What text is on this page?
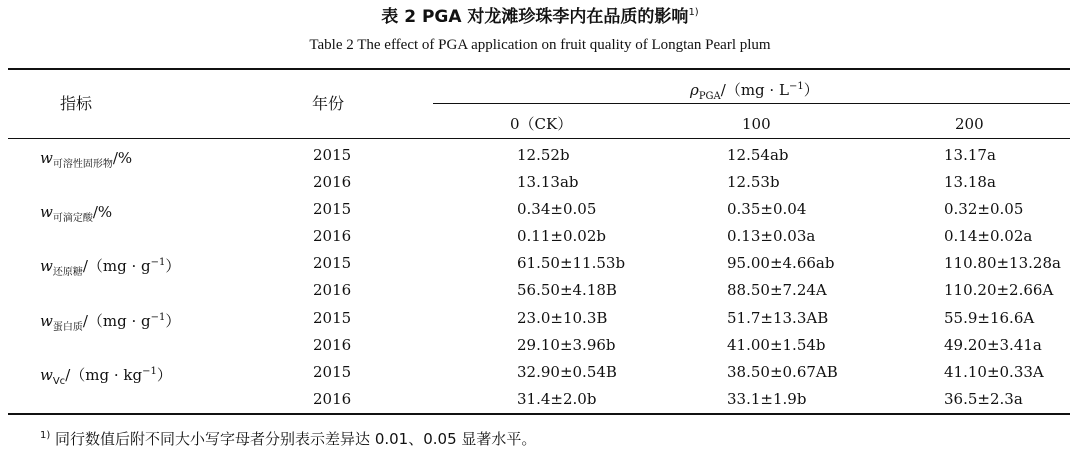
表 2 PGA 对龙滩珍珠李内在品质的影响$^{1)}$
Table 2 The effect of PGA application on fruit quality of Longtan Pearl plum
指标	年份
$\rho_{PGA}/(mg \cdot L^{-1})$
0（CK）	100	200
$w_{可溶性固形物}/\%$	2015	12.52b	12.54ab	13.17a
2016	13.13ab	12.53b	13.18a
$w_{可滴定酸}/\%$	2015	0.34±0.05	0.35±0.04	0.32±0.05
2016	0.11±0.02b	0.13±0.03a	0.14±0.02a
$w_{还原糖}/(mg \cdot g^{-1})$	2015	61.50±11.53b	95.00±4.66ab	110.80±13.28a
2016	56.50±4.18B	88.50±7.24A	110.20±2.66A
$w_{蛋白质}/(mg \cdot g^{-1})$	2015	23.0±10.3B	51.7±13.3AB	55.9±16.6A
2016	29.10±3.96b	41.00±1.54b	49.20±3.41a
$w_{Vc}/(mg \cdot kg^{-1})$	2015	32.90±0.54B	38.50±0.67AB	41.10±0.33A
2016	31.4±2.0b	33.1±1.9b	36.5±2.3a
$^{1)}$ 同行数值后附不同大小写字母者分别表示差异达 0.01、0.05 显著水平。
